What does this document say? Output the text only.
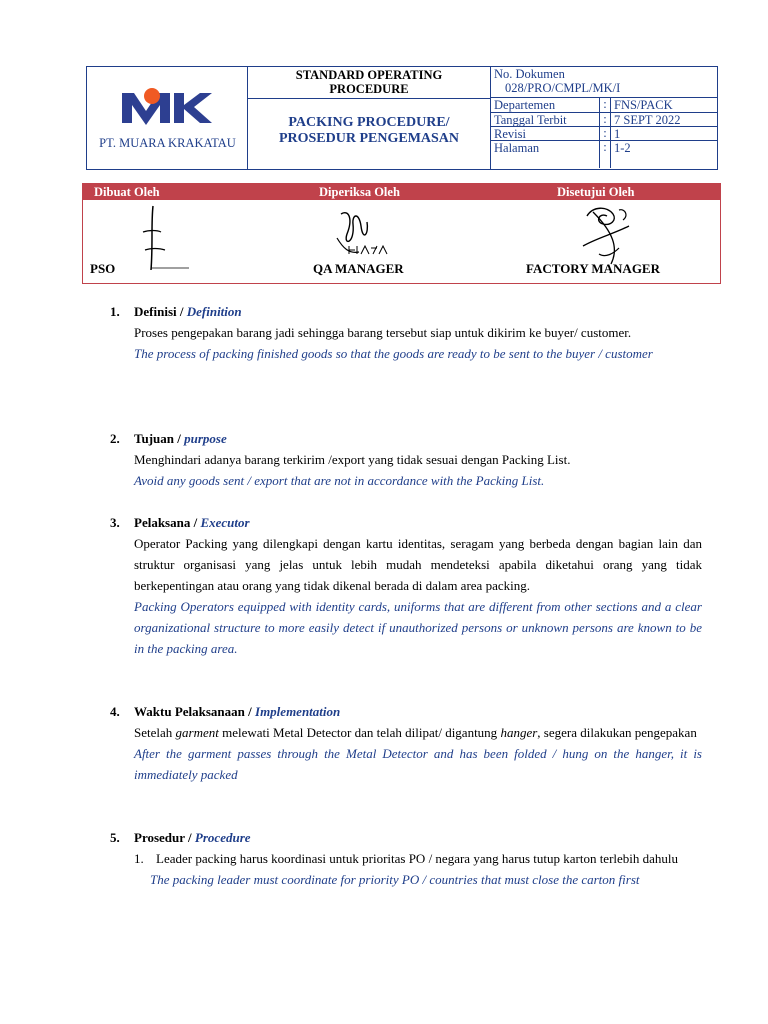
PT. MUARA KRAKATAU
STANDARD OPERATING
PROCEDURE
PACKING PROCEDURE/
PROSEDUR PENGEMASAN
No. Dokumen
028/PRO/CMPL/MK/I
Departemen	: FNS/PACK
Tanggal Terbit	: 7 SEPT 2022
Revisi	: 1
Halaman	: 1-2
Dibuat Oleh	Diperiksa Oleh	Disetujui Oleh
PSO	QA MANAGER	FACTORY MANAGER
1. Definisi / Definition
Proses pengepakan barang jadi sehingga barang tersebut siap untuk dikirim ke buyer/ customer.
The process of packing finished goods so that the goods are ready to be sent to the buyer / customer
2. Tujuan / purpose
Menghindari adanya barang terkirim /export yang tidak sesuai dengan Packing List.
Avoid any goods sent / export that are not in accordance with the Packing List.
3. Pelaksana / Executor
Operator Packing yang dilengkapi dengan kartu identitas, seragam yang berbeda dengan bagian lain dan struktur organisasi yang jelas untuk lebih mudah mendeteksi apabila diketahui orang yang tidak berkepentingan atau orang yang tidak dikenal berada di dalam area packing.
Packing Operators equipped with identity cards, uniforms that are different from other sections and a clear organizational structure to more easily detect if unauthorized persons or unknown persons are known to be in the packing area.
4. Waktu Pelaksanaan / Implementation
Setelah garment melewati Metal Detector dan telah dilipat/ digantung hanger, segera dilakukan pengepakan
After the garment passes through the Metal Detector and has been folded / hung on the hanger, it is immediately packed
5. Prosedur / Procedure
1. Leader packing harus koordinasi untuk prioritas PO / negara yang harus tutup karton terlebih dahulu
The packing leader must coordinate for priority PO / countries that must close the carton first
